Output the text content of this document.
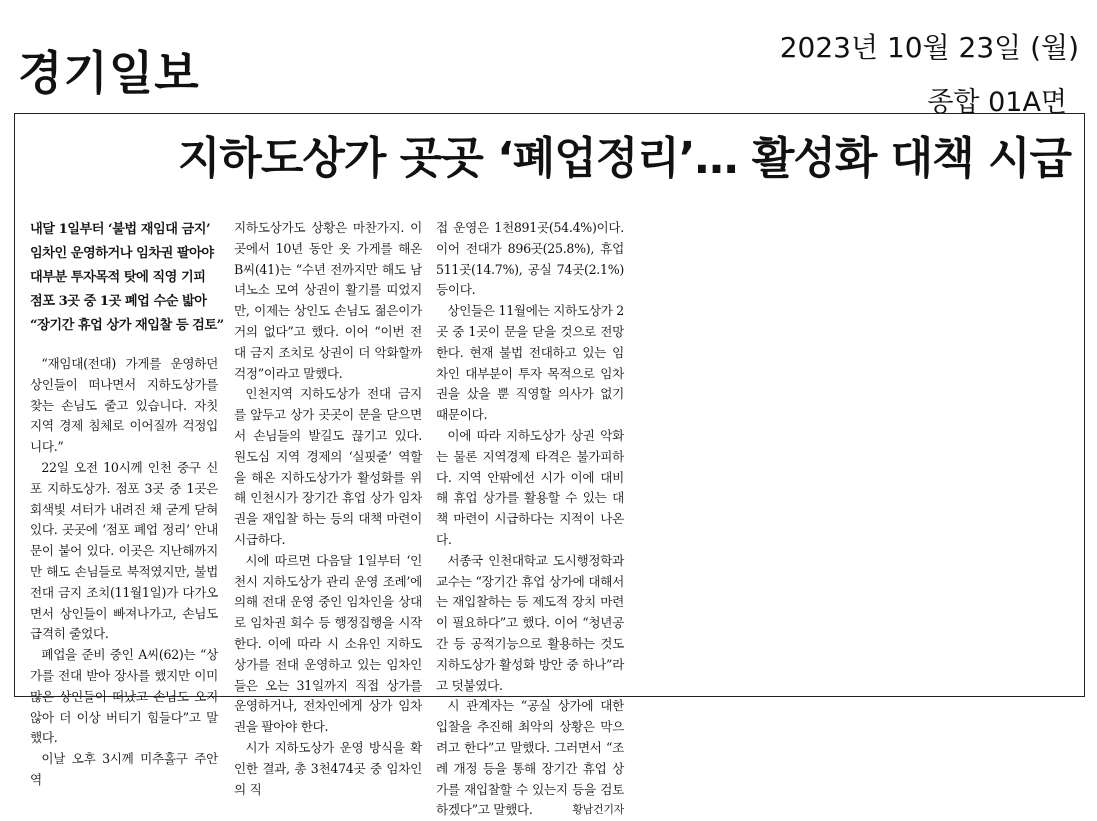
경기일보	2023년 10월 23일 (월)
종합 01A면
지하도상가 곳곳 ‘폐업정리’… 활성화 대책 시급
내달 1일부터 ‘불법 재임대 금지’
임차인 운영하거나 임차권 팔아야
대부분 투자목적 탓에 직영 기피
점포 3곳 중 1곳 폐업 수순 밟아
“장기간 휴업 상가 재입찰 등 검토”

“재임대(전대) 가게를 운영하던 상인들이 떠나면서 지하도상가를 찾는 손님도 줄고 있습니다. 자칫 지역 경제 침체로 이어질까 걱정입니다.”

22일 오전 10시께 인천 중구 신포 지하도상가. 점포 3곳 중 1곳은 회색빛 셔터가 내려진 채 굳게 닫혀 있다. 곳곳에 ‘점포 폐업 정리’ 안내문이 붙어 있다. 이곳은 지난해까지만 해도 손님들로 북적였지만, 불법 전대 금지 조치(11월1일)가 다가오면서 상인들이 빠져나가고, 손님도 급격히 줄었다.

폐업을 준비 중인 A씨(62)는 “상가를 전대 받아 장사를 했지만 이미 많은 상인들이 떠났고 손님도 오지 않아 더 이상 버티기 힘들다”고 말했다.

이날 오후 3시께 미추홀구 주안역

지하도상가도 상황은 마찬가지. 이곳에서 10년 동안 옷 가게를 해온 B씨(41)는 “수년 전까지만 해도 남녀노소 모여 상권이 활기를 띠었지만, 이제는 상인도 손님도 젊은이가 거의 없다”고 했다. 이어 “이번 전대 금지 조치로 상권이 더 악화할까 걱정”이라고 말했다.

인천지역 지하도상가 전대 금지를 앞두고 상가 곳곳이 문을 닫으면서 손님들의 발길도 끊기고 있다. 원도심 지역 경제의 ‘실핏줄’ 역할을 해온 지하도상가가 활성화를 위해 인천시가 장기간 휴업 상가 임차권을 재입찰 하는 등의 대책 마련이 시급하다.

시에 따르면 다음달 1일부터 ‘인천시 지하도상가 관리 운영 조례’에 의해 전대 운영 중인 임차인을 상대로 임차권 회수 등 행정집행을 시작한다. 이에 따라 시 소유인 지하도상가를 전대 운영하고 있는 임차인들은 오는 31일까지 직접 상가를 운영하거나, 전차인에게 상가 임차권을 팔아야 한다.

시가 지하도상가 운영 방식을 확인한 결과, 총 3천474곳 중 임차인의 직

접 운영은 1천891곳(54.4%)이다. 이어 전대가 896곳(25.8%), 휴업 511곳(14.7%), 공실 74곳(2.1%) 등이다.

상인들은 11월에는 지하도상가 2곳 중 1곳이 문을 닫을 것으로 전망한다. 현재 불법 전대하고 있는 임차인 대부분이 투자 목적으로 임차권을 샀을 뿐 직영할 의사가 없기 때문이다.

이에 따라 지하도상가 상권 악화는 물론 지역경제 타격은 불가피하다. 지역 안팎에선 시가 이에 대비해 휴업 상가를 활용할 수 있는 대책 마련이 시급하다는 지적이 나온다.

서종국 인천대학교 도시행정학과 교수는 “장기간 휴업 상가에 대해서는 재입찰하는 등 제도적 장치 마련이 필요하다”고 했다. 이어 “청년공간 등 공적기능으로 활용하는 것도 지하도상가 활성화 방안 중 하나”라고 덧붙였다.

시 관계자는 “공실 상가에 대한 입찰을 추진해 최악의 상황은 막으려고 한다”고 말했다. 그러면서 “조례 개정 등을 통해 장기간 휴업 상가를 재입찰할 수 있는지 등을 검토하겠다”고 말했다.	황남건기자
